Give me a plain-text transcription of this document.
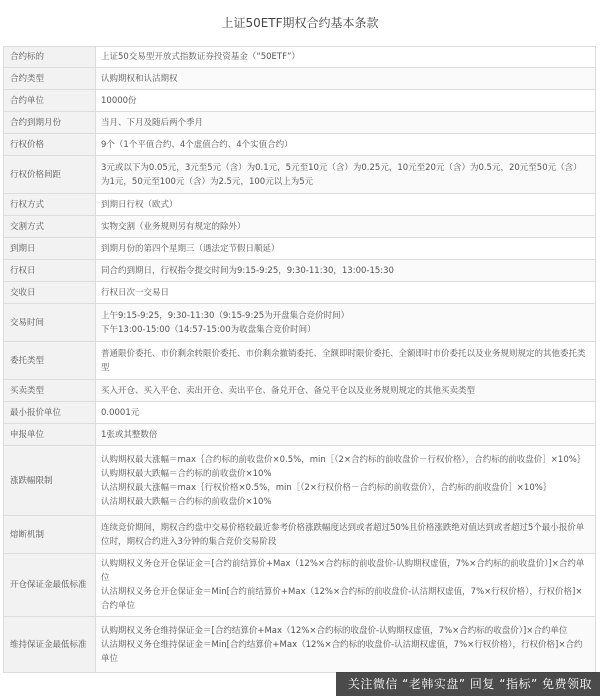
上证50ETF期权合约基本条款
合约标的	上证50交易型开放式指数证券投资基金（“50ETF”）

合约类型	认购期权和认沽期权

合约单位	10000份

合约到期月份	当月、下月及随后两个季月

行权价格	9个（1个平值合约、4个虚值合约、4个实值合约）

行权价格间距	3元或以下为0.05元，3元至5元（含）为0.1元，5元至10元（含）为0.25元，10元至20元（含）为0.5元，20元至50元（含）为1元，50元至100元（含）为2.5元，100元以上为5元

行权方式	到期日行权（欧式）

交割方式	实物交割（业务规则另有规定的除外）

到期日	到期月份的第四个星期三（遇法定节假日顺延）

行权日	同合约到期日，行权指令提交时间为9:15-9:25，9:30-11:30，13:00-15:30

交收日	行权日次一交易日

交易时间	上午9:15-9:25，9:30-11:30（9:15-9:25为开盘集合竞价时间）
下午13:00-15:00（14:57-15:00为收盘集合竞价时间）

委托类型	普通限价委托、市价剩余转限价委托、市价剩余撤销委托、全额即时限价委托、全额即时市价委托以及业务规则规定的其他委托类型

买卖类型	买入开仓、买入平仓、卖出开仓、卖出平仓、备兑开仓、备兑平仓以及业务规则规定的其他买卖类型

最小报价单位	0.0001元

申报单位	1张或其整数倍

涨跌幅限制	认购期权最大涨幅＝max｛合约标的前收盘价×0.5%，min［（2×合约标的前收盘价－行权价格），合约标的前收盘价］×10%｝
认购期权最大跌幅＝合约标的前收盘价×10%
认沽期权最大涨幅＝max｛行权价格×0.5%，min［（2×行权价格－合约标的前收盘价），合约标的前收盘价］×10%｝
认沽期权最大跌幅＝合约标的前收盘价×10%

熔断机制	连续竞价期间，期权合约盘中交易价格较最近参考价格涨跌幅度达到或者超过50%且价格涨跌绝对值达到或者超过5个最小报价单位时，期权合约进入3分钟的集合竞价交易阶段

开仓保证金最低标准	认购期权义务仓开仓保证金＝[合约前结算价+Max（12%×合约标的前收盘价-认购期权虚值，7%×合约标的前收盘价）]×合约单位
认沽期权义务仓开仓保证金＝Min[合约前结算价+Max（12%×合约标的前收盘价-认沽期权虚值，7%×行权价格），行权价格]×合约单位

维持保证金最低标准	认购期权义务仓维持保证金＝[合约结算价+Max（12%×合约标的收盘价-认购期权虚值，7%×合约标的收盘价）]×合约单位
认沽期权义务仓维持保证金＝Min[合约结算价+Max（12%×合约标的收盘价-认沽期权虚值，7%×行权价格），行权价格]×合约单位
关注微信 “老韩实盘” 回复 “指标” 免费领取
